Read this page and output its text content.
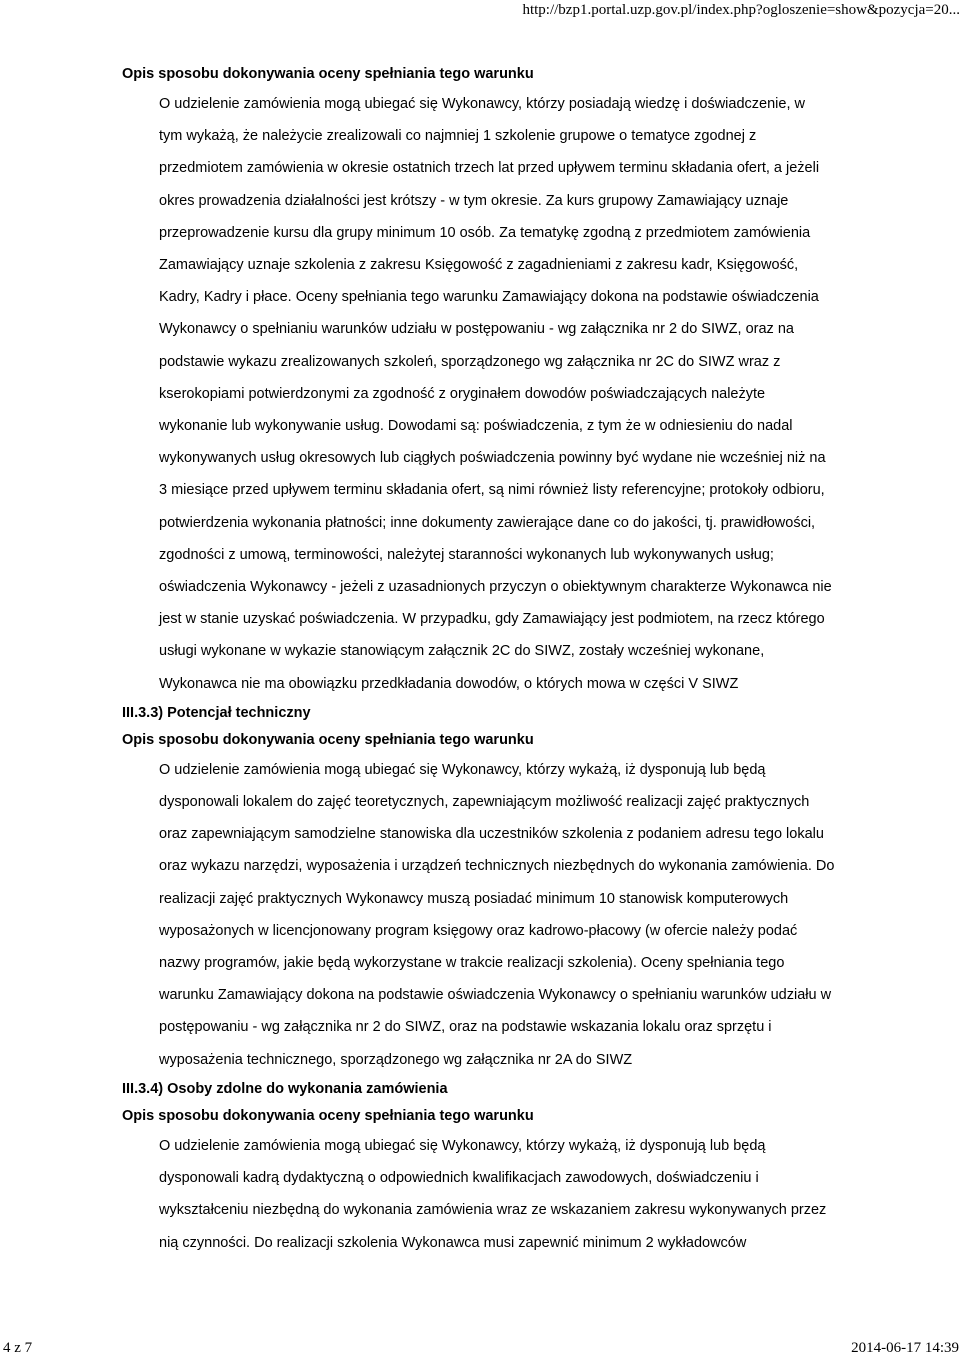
http://bzp1.portal.uzp.gov.pl/index.php?ogloszenie=show&pozycja=20...
Opis sposobu dokonywania oceny spełniania tego warunku
O udzielenie zamówienia mogą ubiegać się Wykonawcy, którzy posiadają wiedzę i doświadczenie, w
tym wykażą, że należycie zrealizowali co najmniej 1 szkolenie grupowe o tematyce zgodnej z
przedmiotem zamówienia w okresie ostatnich trzech lat przed upływem terminu składania ofert, a jeżeli
okres prowadzenia działalności jest krótszy - w tym okresie. Za kurs grupowy Zamawiający uznaje
przeprowadzenie kursu dla grupy minimum 10 osób. Za tematykę zgodną z przedmiotem zamówienia
Zamawiający uznaje szkolenia z zakresu Księgowość z zagadnieniami z zakresu kadr, Księgowość,
Kadry, Kadry i płace. Oceny spełniania tego warunku Zamawiający dokona na podstawie oświadczenia
Wykonawcy o spełnianiu warunków udziału w postępowaniu - wg załącznika nr 2 do SIWZ, oraz na
podstawie wykazu zrealizowanych szkoleń, sporządzonego wg załącznika nr 2C do SIWZ wraz z
kserokopiami potwierdzonymi za zgodność z oryginałem dowodów poświadczających należyte
wykonanie lub wykonywanie usług. Dowodami są: poświadczenia, z tym że w odniesieniu do nadal
wykonywanych usług okresowych lub ciągłych poświadczenia powinny być wydane nie wcześniej niż na
3 miesiące przed upływem terminu składania ofert, są nimi również listy referencyjne; protokoły odbioru,
potwierdzenia wykonania płatności; inne dokumenty zawierające dane co do jakości, tj. prawidłowości,
zgodności z umową, terminowości, należytej staranności wykonanych lub wykonywanych usług;
oświadczenia Wykonawcy - jeżeli z uzasadnionych przyczyn o obiektywnym charakterze Wykonawca nie
jest w stanie uzyskać poświadczenia. W przypadku, gdy Zamawiający jest podmiotem, na rzecz którego
usługi wykonane w wykazie stanowiącym załącznik 2C do SIWZ, zostały wcześniej wykonane,
Wykonawca nie ma obowiązku przedkładania dowodów, o których mowa w części V SIWZ
III.3.3) Potencjał techniczny
Opis sposobu dokonywania oceny spełniania tego warunku
O udzielenie zamówienia mogą ubiegać się Wykonawcy, którzy wykażą, iż dysponują lub będą
dysponowali lokalem do zajęć teoretycznych, zapewniającym możliwość realizacji zajęć praktycznych
oraz zapewniającym samodzielne stanowiska dla uczestników szkolenia z podaniem adresu tego lokalu
oraz wykazu narzędzi, wyposażenia i urządzeń technicznych niezbędnych do wykonania zamówienia. Do
realizacji zajęć praktycznych Wykonawcy muszą posiadać minimum 10 stanowisk komputerowych
wyposażonych w licencjonowany program księgowy oraz kadrowo-płacowy (w ofercie należy podać
nazwy programów, jakie będą wykorzystane w trakcie realizacji szkolenia). Oceny spełniania tego
warunku Zamawiający dokona na podstawie oświadczenia Wykonawcy o spełnianiu warunków udziału w
postępowaniu - wg załącznika nr 2 do SIWZ, oraz na podstawie wskazania lokalu oraz sprzętu i
wyposażenia technicznego, sporządzonego wg załącznika nr 2A do SIWZ
III.3.4) Osoby zdolne do wykonania zamówienia
Opis sposobu dokonywania oceny spełniania tego warunku
O udzielenie zamówienia mogą ubiegać się Wykonawcy, którzy wykażą, iż dysponują lub będą
dysponowali kadrą dydaktyczną o odpowiednich kwalifikacjach zawodowych, doświadczeniu i
wykształceniu niezbędną do wykonania zamówienia wraz ze wskazaniem zakresu wykonywanych przez
nią czynności. Do realizacji szkolenia Wykonawca musi zapewnić minimum 2 wykładowców
4 z 7	2014-06-17 14:39
